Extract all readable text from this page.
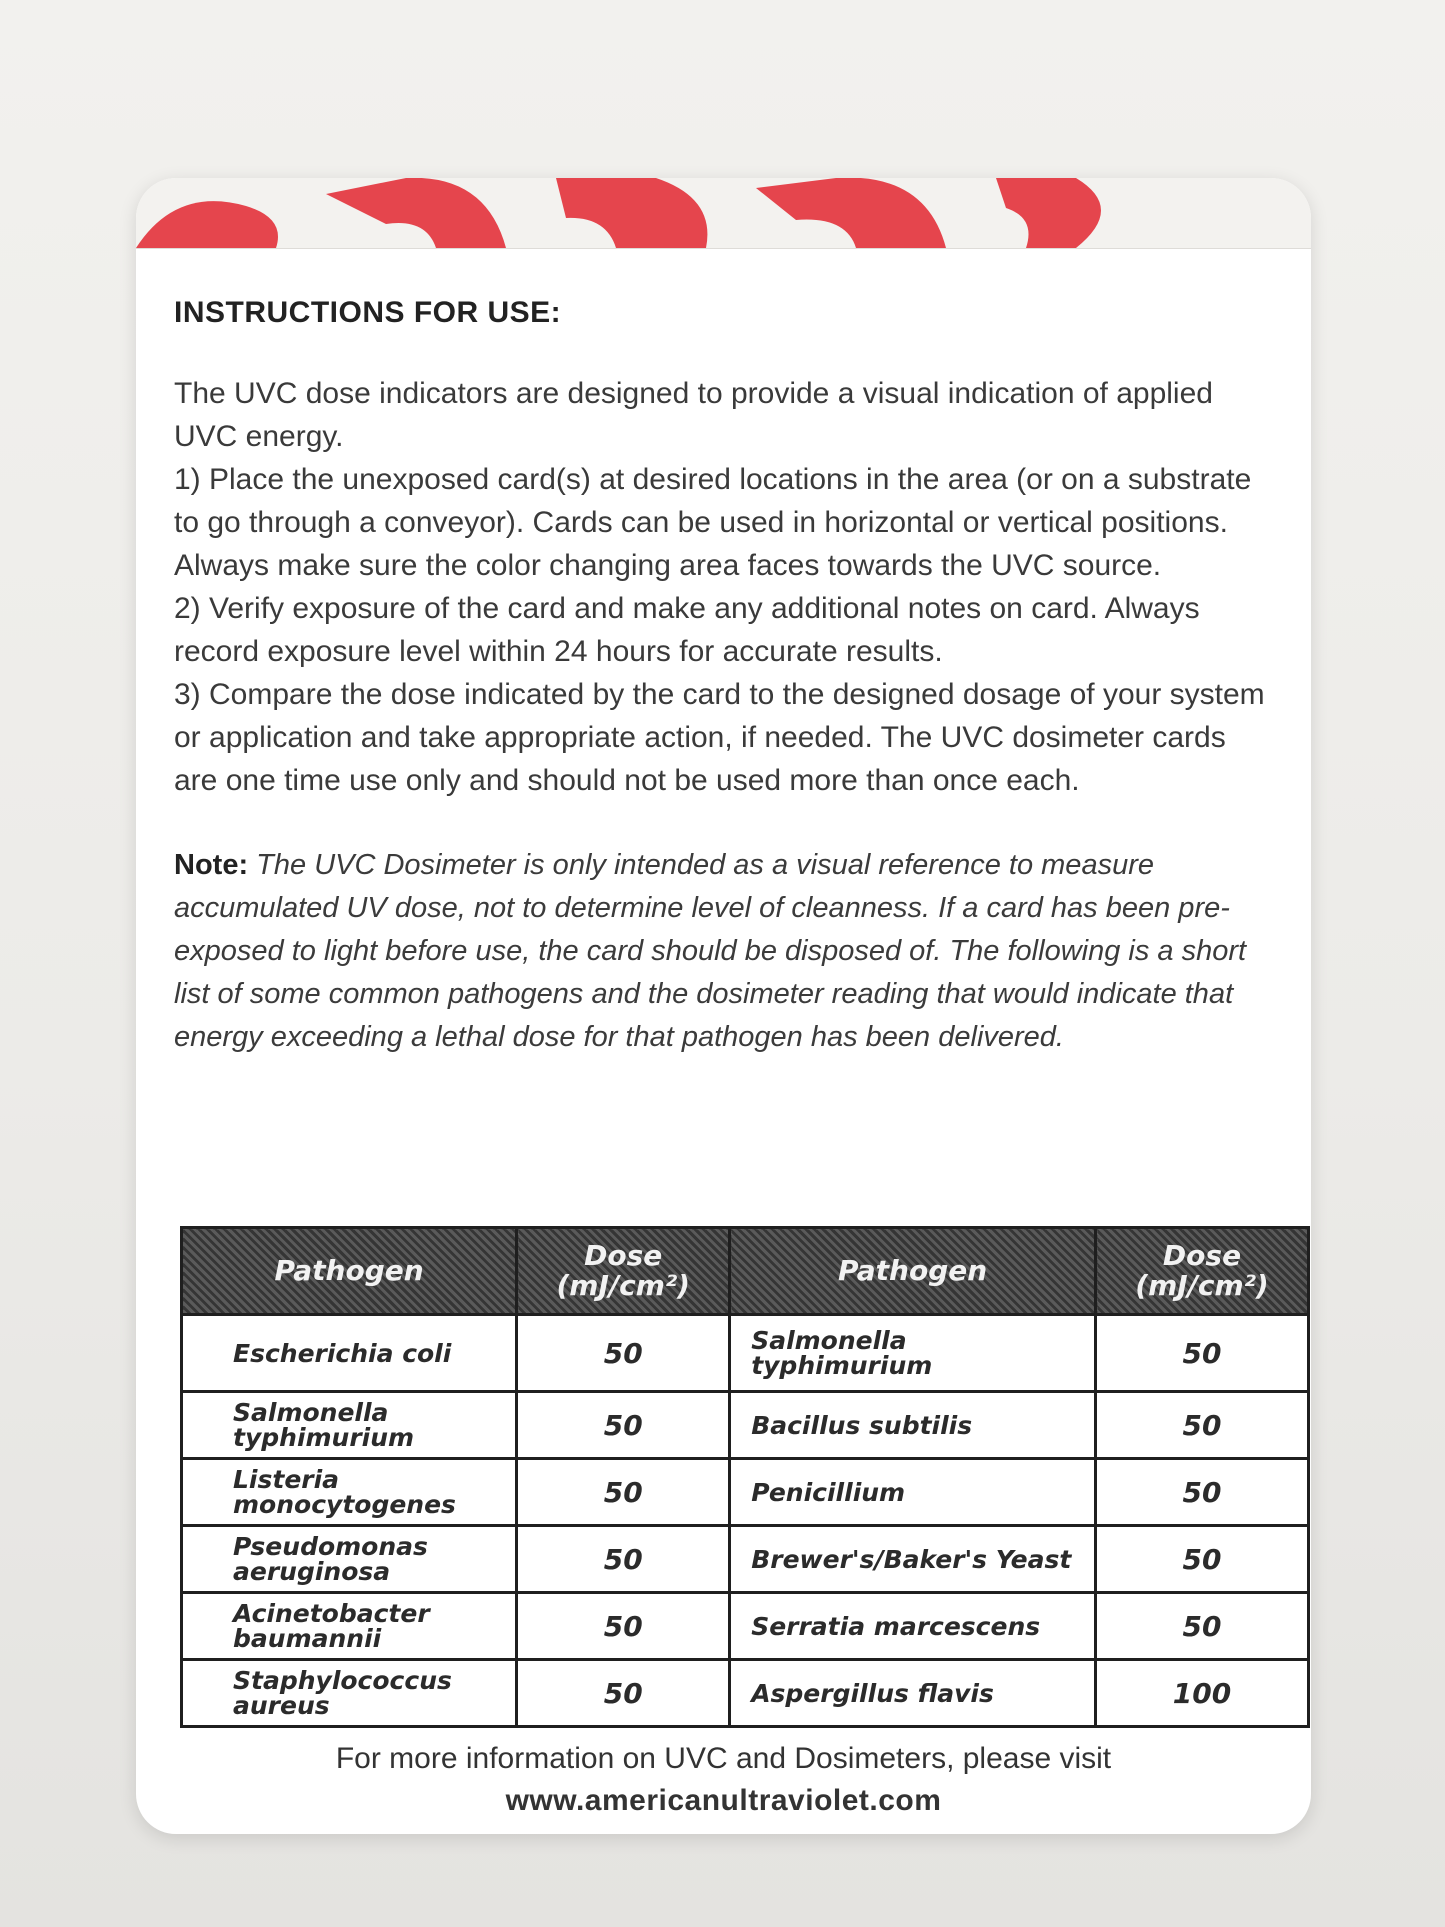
INSTRUCTIONS FOR USE:

The UVC dose indicators are designed to provide a visual indication of applied UVC energy.

1) Place the unexposed card(s) at desired locations in the area (or on a substrate to go through a conveyor). Cards can be used in horizontal or vertical positions. Always make sure the color changing area faces towards the UVC source.

2) Verify exposure of the card and make any additional notes on card. Always record exposure level within 24 hours for accurate results.

3) Compare the dose indicated by the card to the designed dosage of your system or application and take appropriate action, if needed. The UVC dosimeter cards are one time use only and should not be used more than once each.

Note: The UVC Dosimeter is only intended as a visual reference to measure accumulated UV dose, not to determine level of cleanness. If a card has been pre-exposed to light before use, the card should be disposed of. The following is a short list of some common pathogens and the dosimeter reading that would indicate that energy exceeding a lethal dose for that pathogen has been delivered.
Pathogen	Dose (mJ/cm²)	Pathogen	Dose (mJ/cm²)
Escherichia coli	50	Salmonella typhimurium	50
Salmonella typhimurium	50	Bacillus subtilis	50
Listeria monocytogenes	50	Penicillium	50
Pseudomonas aeruginosa	50	Brewer's/Baker's Yeast	50
Acinetobacter baumannii	50	Serratia marcescens	50
Staphylococcus aureus	50	Aspergillus flavis	100
For more information on UVC and Dosimeters, please visit
www.americanultraviolet.com
